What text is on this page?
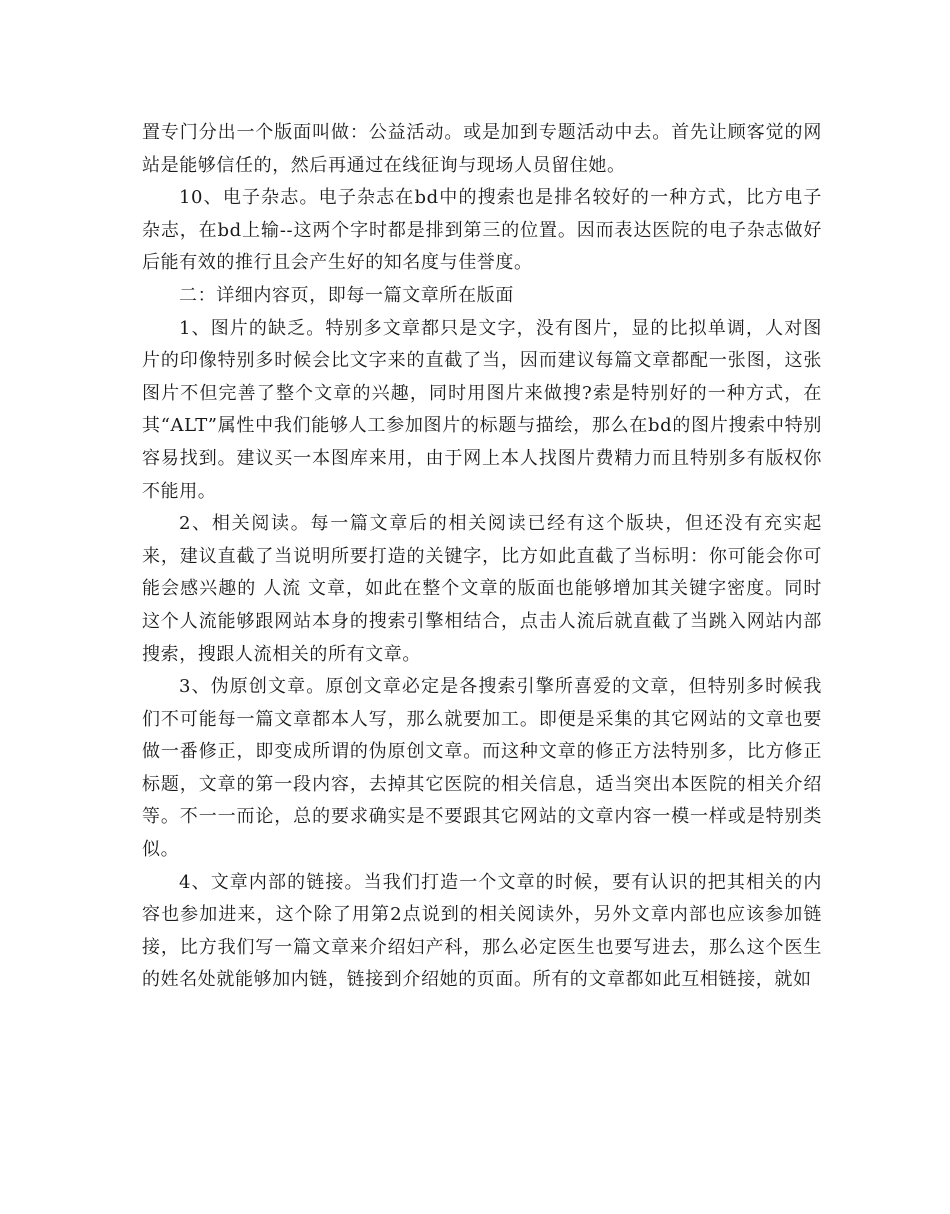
置专门分出一个版面叫做：公益活动。或是加到专题活动中去。首先让顾客觉的网站是能够信任的，然后再通过在线征询与现场人员留住她。

10、电子杂志。电子杂志在bd中的搜索也是排名较好的一种方式，比方电子杂志，在bd上输--这两个字时都是排到第三的位置。因而表达医院的电子杂志做好后能有效的推行且会产生好的知名度与佳誉度。

二：详细内容页，即每一篇文章所在版面

1、图片的缺乏。特别多文章都只是文字，没有图片，显的比拟单调，人对图片的印像特别多时候会比文字来的直截了当，因而建议每篇文章都配一张图，这张图片不但完善了整个文章的兴趣，同时用图片来做搜?索是特别好的一种方式，在其“ALT”属性中我们能够人工参加图片的标题与描绘，那么在bd的图片搜索中特别容易找到。建议买一本图库来用，由于网上本人找图片费精力而且特别多有版权你不能用。

2、相关阅读。每一篇文章后的相关阅读已经有这个版块，但还没有充实起来，建议直截了当说明所要打造的关键字，比方如此直截了当标明：你可能会你可能会感兴趣的 人流 文章，如此在整个文章的版面也能够增加其关键字密度。同时这个人流能够跟网站本身的搜索引擎相结合，点击人流后就直截了当跳入网站内部搜索，搜跟人流相关的所有文章。

3、伪原创文章。原创文章必定是各搜索引擎所喜爱的文章，但特别多时候我们不可能每一篇文章都本人写，那么就要加工。即便是采集的其它网站的文章也要做一番修正，即变成所谓的伪原创文章。而这种文章的修正方法特别多，比方修正标题，文章的第一段内容，去掉其它医院的相关信息，适当突出本医院的相关介绍等。不一一而论，总的要求确实是不要跟其它网站的文章内容一模一样或是特别类似。

4、文章内部的链接。当我们打造一个文章的时候，要有认识的把其相关的内容也参加进来，这个除了用第2点说到的相关阅读外，另外文章内部也应该参加链接，比方我们写一篇文章来介绍妇产科，那么必定医生也要写进去，那么这个医生的姓名处就能够加内链，链接到介绍她的页面。所有的文章都如此互相链接，就如
